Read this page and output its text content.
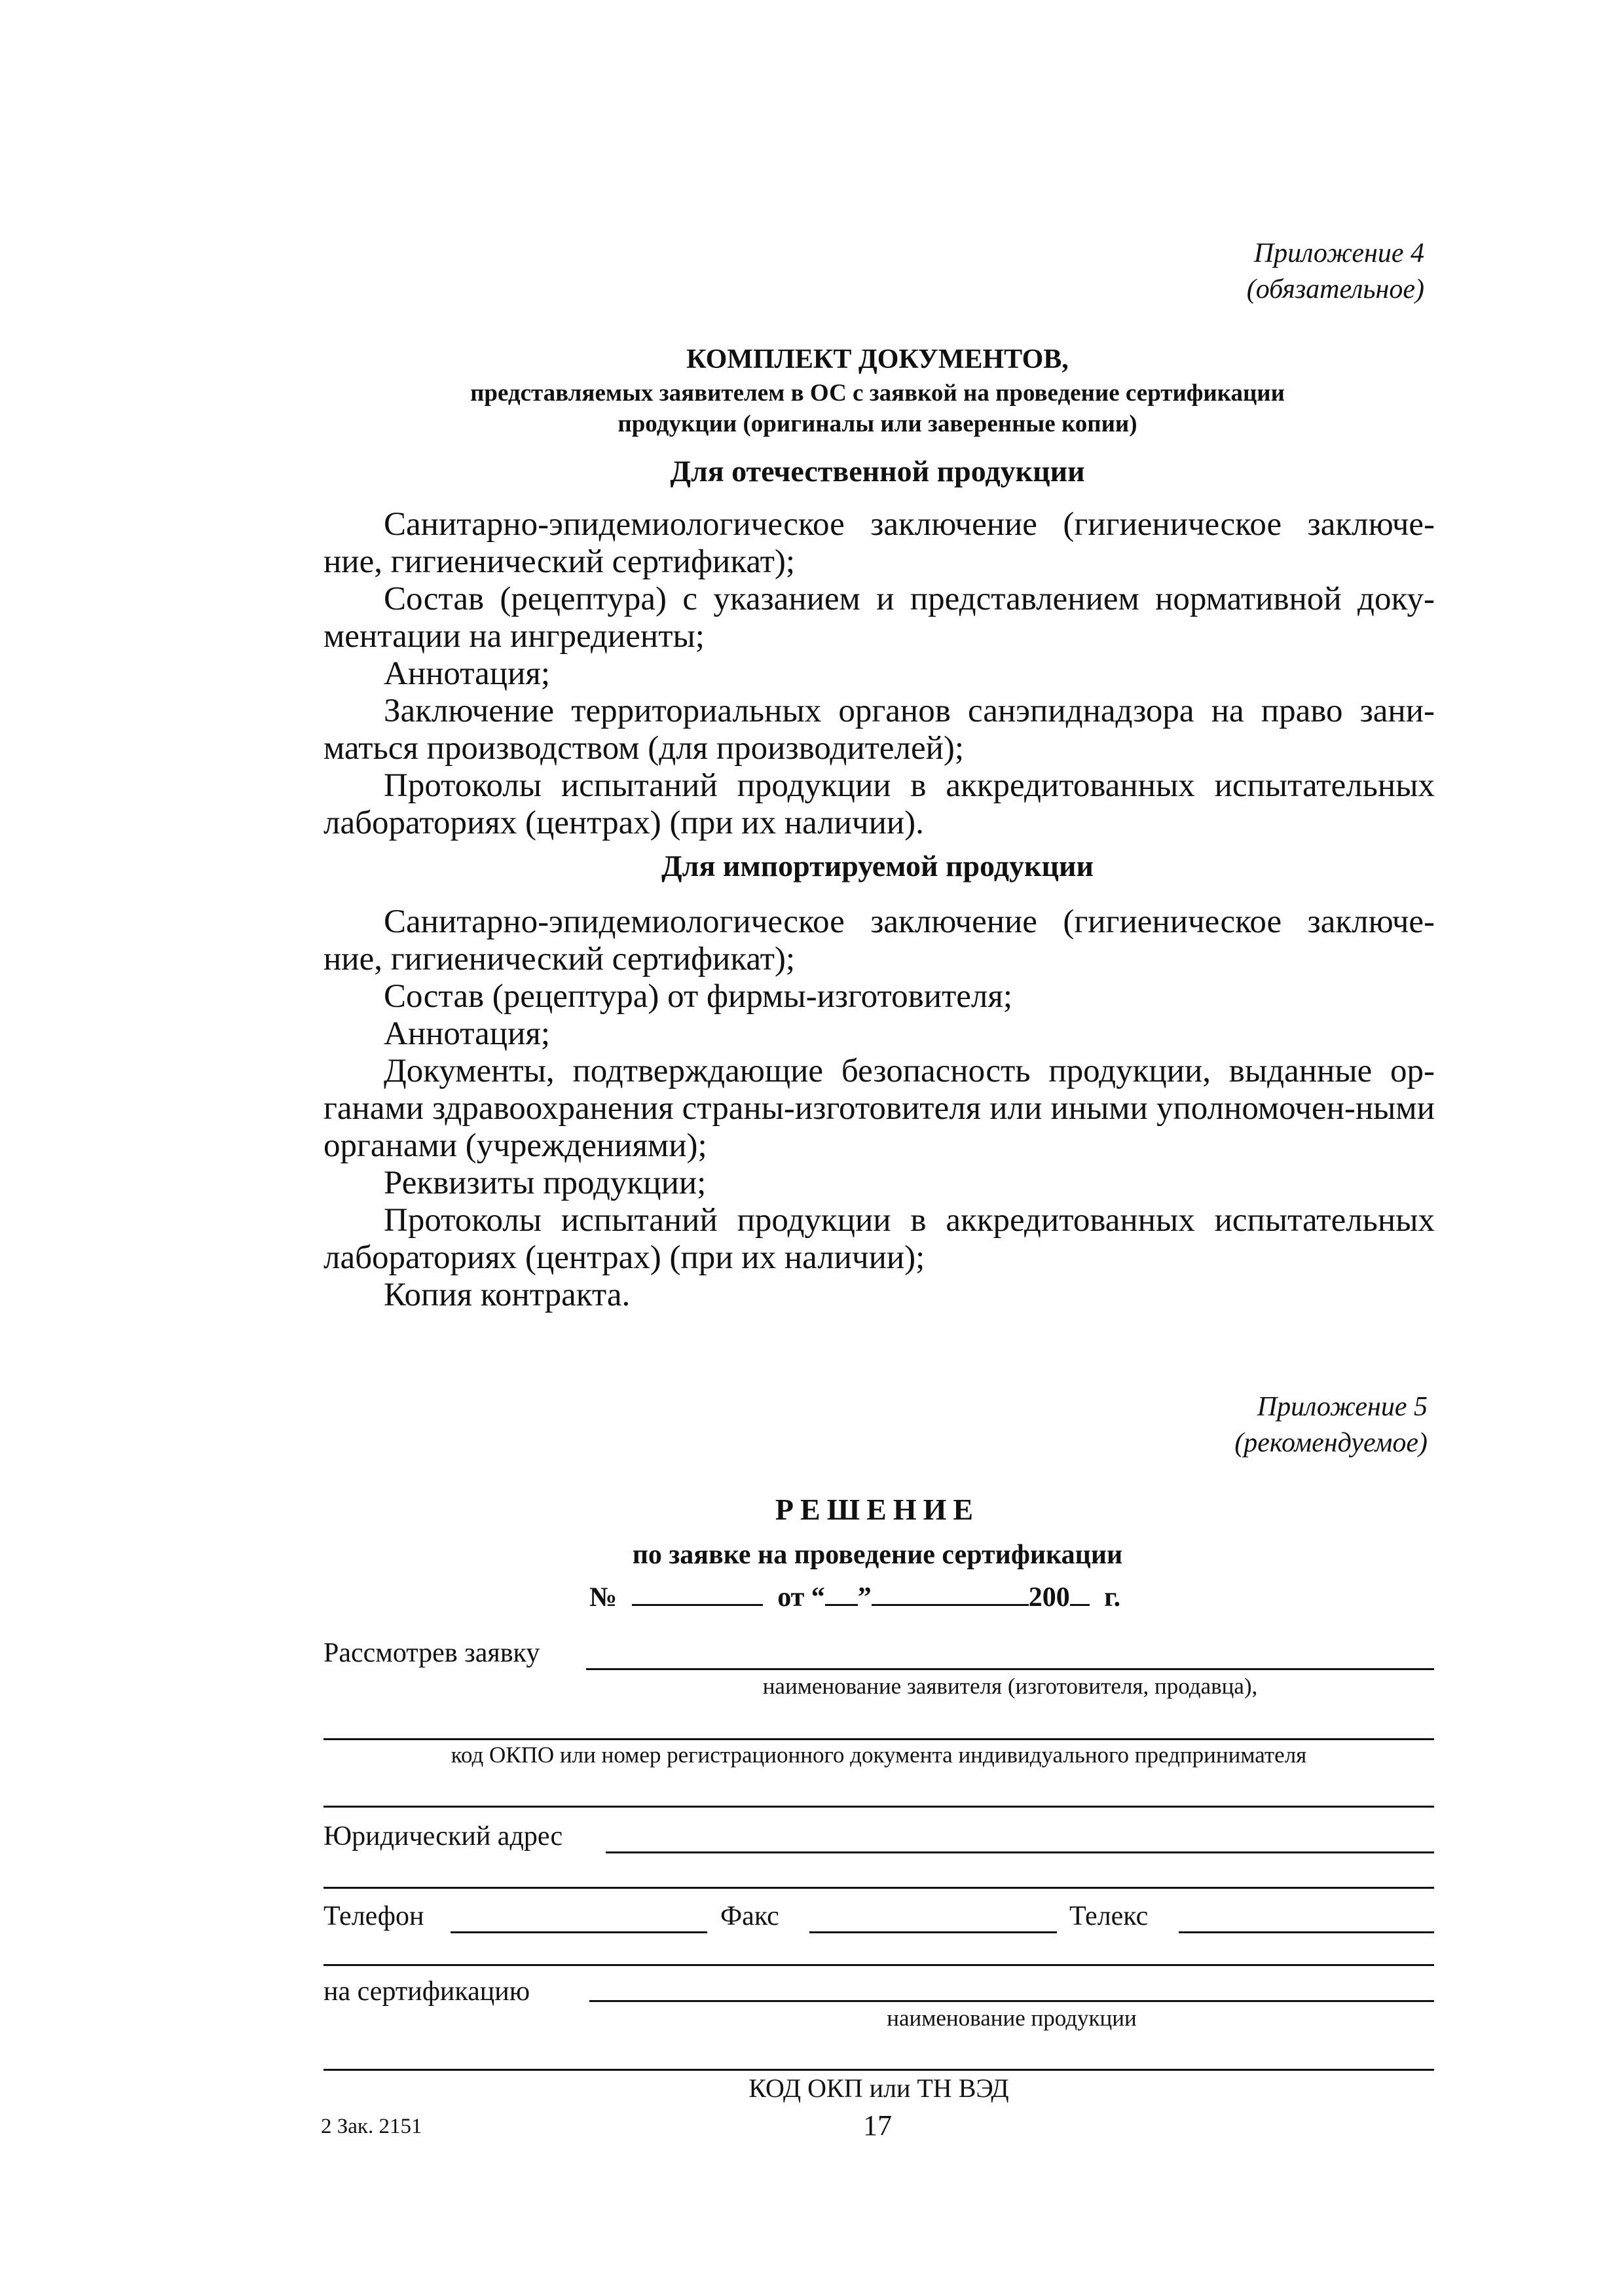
Приложение 4
(обязательное)
КОМПЛЕКТ ДОКУМЕНТОВ,
представляемых заявителем в ОС с заявкой на проведение сертификации
продукции (оригиналы или заверенные копии)
Для отечественной продукции

Санитарно-эпидемиологическое заключение (гигиеническое заключе-ние, гигиенический сертификат);

Состав (рецептура) с указанием и представлением нормативной доку-ментации на ингредиенты;

Аннотация;

Заключение территориальных органов санэпиднадзора на право зани-маться производством (для производителей);

Протоколы испытаний продукции в аккредитованных испытательных лабораториях (центрах) (при их наличии).

Для импортируемой продукции

Санитарно-эпидемиологическое заключение (гигиеническое заключе-ние, гигиенический сертификат);

Состав (рецептура) от фирмы-изготовителя;

Аннотация;

Документы, подтверждающие безопасность продукции, выданные ор-ганами здравоохранения страны-изготовителя или иными уполномочен-ными органами (учреждениями);

Реквизиты продукции;

Протоколы испытаний продукции в аккредитованных испытательных лабораториях (центрах) (при их наличии);

Копия контракта.

Приложение 5
(рекомендуемое)
РЕШЕНИЕ
по заявке на проведение сертификации
№	от “ ”	200 г.
Рассмотрев заявку
наименование заявителя (изготовителя, продавца),
код ОКПО или номер регистрационного документа индивидуального предпринимателя
Юридический адрес
Телефон	Факс	Телекс
на сертификацию
наименование продукции
КОД ОКП или ТН ВЭД
2 Зак. 2151	17
